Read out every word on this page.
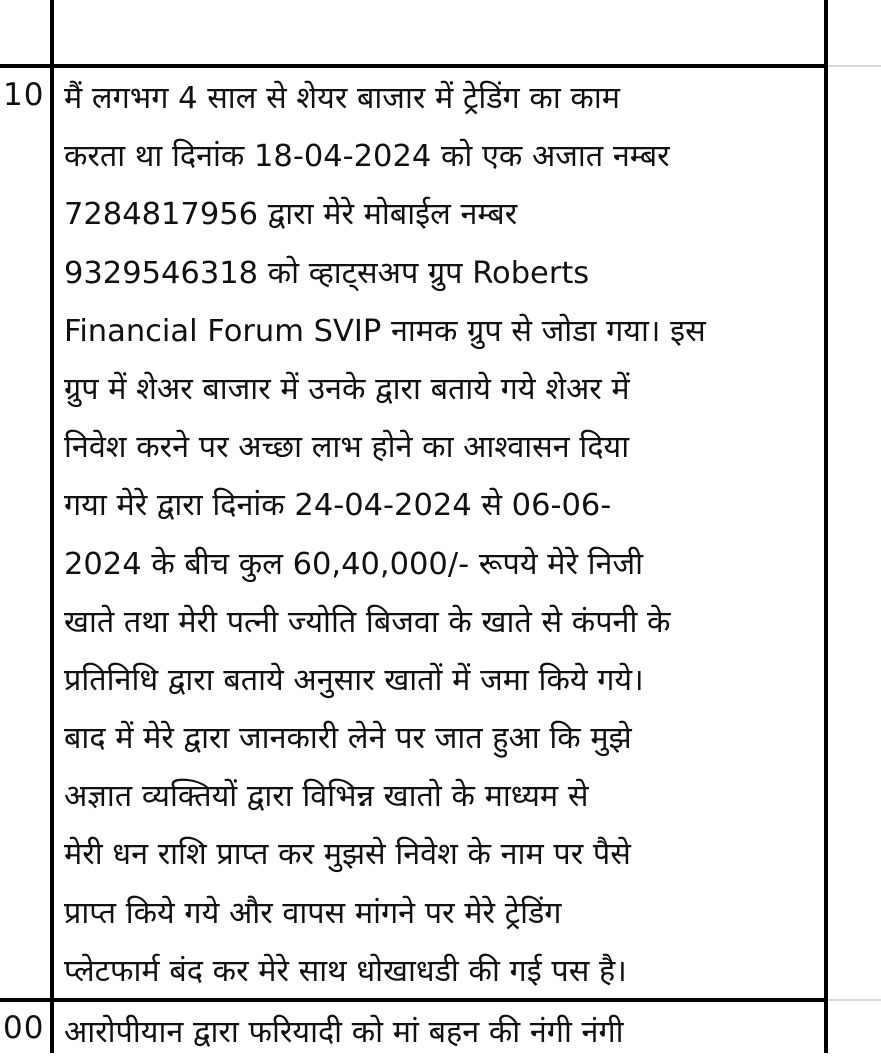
10 मैं लगभग 4 साल से शेयर बाजार में ट्रेडिंग का काम
करता था दिनांक 18-04-2024 को एक अजात नम्बर
7284817956 द्वारा मेरे मोबाईल नम्बर
9329546318 को व्हाट्सअप ग्रुप Roberts
Financial Forum SVIP नामक ग्रुप से जोडा गया। इस
ग्रुप में शेअर बाजार में उनके द्वारा बताये गये शेअर में
निवेश करने पर अच्छा लाभ होने का आश्वासन दिया
गया मेरे द्वारा दिनांक 24-04-2024 से 06-06-
2024 के बीच कुल 60,40,000/- रूपये मेरे निजी
खाते तथा मेरी पत्नी ज्योति बिजवा के खाते से कंपनी के
प्रतिनिधि द्वारा बताये अनुसार खातों में जमा किये गये।
बाद में मेरे द्वारा जानकारी लेने पर जात हुआ कि मुझे
अज्ञात व्यक्तियों द्वारा विभिन्न खातो के माध्यम से
मेरी धन राशि प्राप्त कर मुझसे निवेश के नाम पर पैसे
प्राप्त किये गये और वापस मांगने पर मेरे ट्रेडिंग
प्लेटफार्म बंद कर मेरे साथ धोखाधडी की गई पस है।
00 आरोपीयान द्वारा फरियादी को मां बहन की नंगी नंगी
